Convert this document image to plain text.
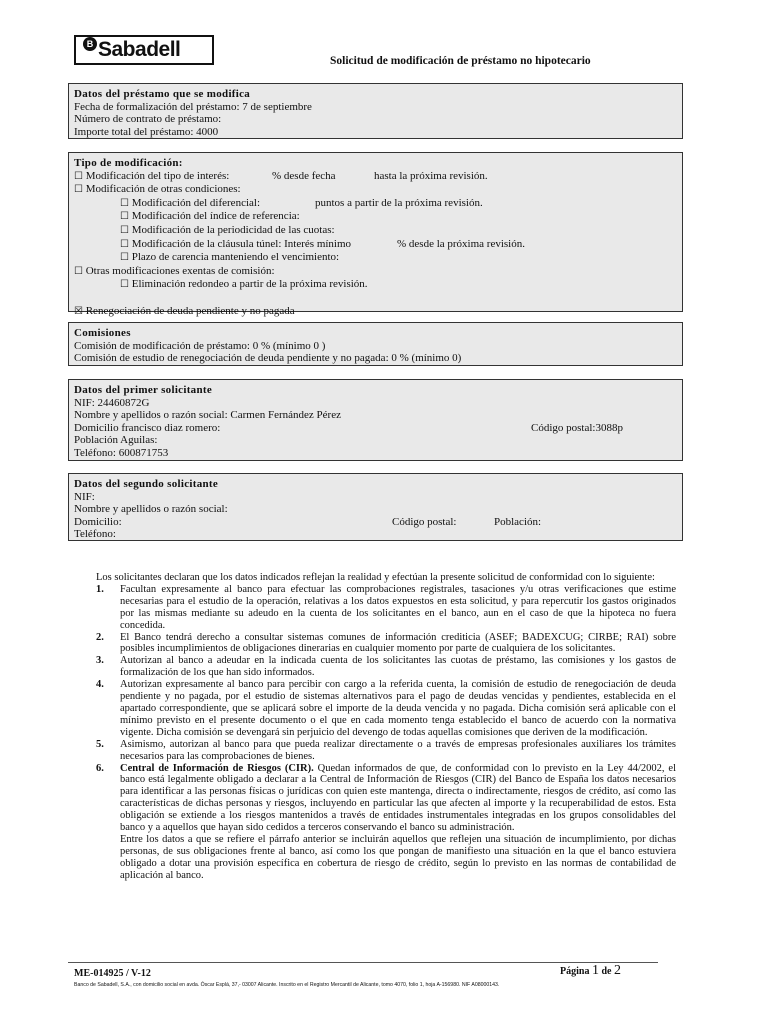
B Sabadell	Solicitud de modificación de préstamo no hipotecario
Datos del préstamo que se modifica
Fecha de formalización del préstamo: 7 de septiembre
Número de contrato de préstamo:
Importe total del préstamo: 4000
Tipo de modificación:
☐ Modificación del tipo de interés:	% desde fecha	hasta la próxima revisión.
☐ Modificación de otras condiciones:
☐ Modificación del diferencial:	puntos a partir de la próxima revisión.
☐ Modificación del índice de referencia:
☐ Modificación de la periodicidad de las cuotas:
☐ Modificación de la cláusula túnel: Interés mínimo	% desde la próxima revisión.
☐ Plazo de carencia manteniendo el vencimiento:
☐ Otras modificaciones exentas de comisión:
☐ Eliminación redondeo a partir de la próxima revisión.
☒ Renegociación de deuda pendiente y no pagada
Comisiones
Comisión de modificación de préstamo: 0 % (mínimo 0 )
Comisión de estudio de renegociación de deuda pendiente y no pagada: 0 % (mínimo 0)
Datos del primer solicitante
NIF: 24460872G
Nombre y apellidos o razón social: Carmen Fernández Pérez
Domicilio francisco diaz romero:	Código postal:3088p
Población Aguilas:
Teléfono: 600871753
Datos del segundo solicitante
NIF:
Nombre y apellidos o razón social:
Domicilio:	Código postal:	Población:
Teléfono:

Los solicitantes declaran que los datos indicados reflejan la realidad y efectúan la presente solicitud de conformidad con lo siguiente:

1. Facultan expresamente al banco para efectuar las comprobaciones registrales, tasaciones y/u otras verificaciones que estime necesarias para el estudio de la operación, relativas a los datos expuestos en esta solicitud, y para repercutir los gastos originados por las mismas mediante su adeudo en la cuenta de los solicitantes en el banco, aun en el caso de que la hipoteca no fuera concedida.

2. El Banco tendrá derecho a consultar sistemas comunes de información crediticia (ASEF; BADEXCUG; CIRBE; RAI) sobre posibles incumplimientos de obligaciones dinerarias en cualquier momento por parte de cualquiera de los solicitantes.

3. Autorizan al banco a adeudar en la indicada cuenta de los solicitantes las cuotas de préstamo, las comisiones y los gastos de formalización de los que han sido informados.

4. Autorizan expresamente al banco para percibir con cargo a la referida cuenta, la comisión de estudio de renegociación de deuda pendiente y no pagada, por el estudio de sistemas alternativos para el pago de deudas vencidas y pendientes, establecida en el apartado correspondiente, que se aplicará sobre el importe de la deuda vencida y no pagada. Dicha comisión será aplicable con el mínimo previsto en el presente documento o el que en cada momento tenga establecido el banco de acuerdo con la normativa vigente. Dicha comisión se devengará sin perjuicio del devengo de todas aquellas comisiones que deriven de la modificación.

5. Asimismo, autorizan al banco para que pueda realizar directamente o a través de empresas profesionales auxiliares los trámites necesarios para las comprobaciones de bienes.

6. Central de Información de Riesgos (CIR). Quedan informados de que, de conformidad con lo previsto en la Ley 44/2002, el banco está legalmente obligado a declarar a la Central de Información de Riesgos (CIR) del Banco de España los datos necesarios para identificar a las personas físicas o jurídicas con quien este mantenga, directa o indirectamente, riesgos de crédito, así como las características de dichas personas y riesgos, incluyendo en particular las que afecten al importe y la recuperabilidad de estos. Esta obligación se extiende a los riesgos mantenidos a través de entidades instrumentales integradas en los grupos consolidables del banco y a aquellos que hayan sido cedidos a terceros conservando el banco su administración.

Entre los datos a que se refiere el párrafo anterior se incluirán aquellos que reflejen una situación de incumplimiento, por dichas personas, de sus obligaciones frente al banco, así como los que pongan de manifiesto una situación en la que el banco estuviera obligado a dotar una provisión específica en cobertura de riesgo de crédito, según lo previsto en las normas de contabilidad de aplicación al banco.

ME-014925 / V-12	Página 1 de 2
Banco de Sabadell, S.A., con domicilio social en avda. Óscar Esplá, 37,- 03007 Alicante. Inscrito en el Registro Mercantil de Alicante, tomo 4070, folio 1, hoja A-156980. NIF A08000143.
